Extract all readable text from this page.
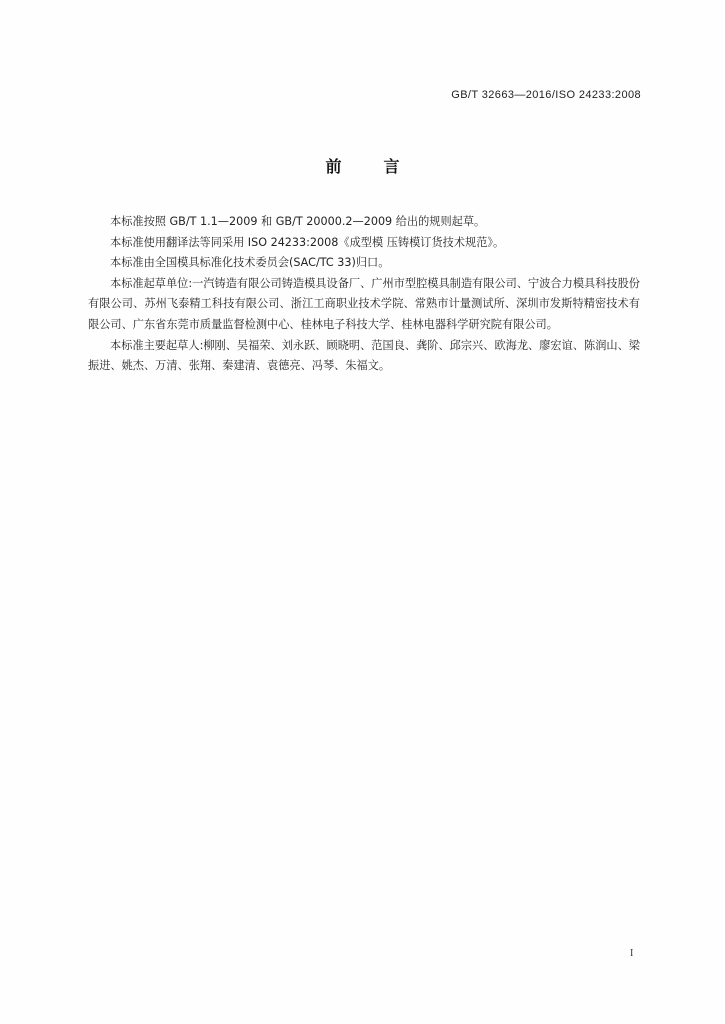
GB/T 32663—2016/ISO 24233:2008
前言

本标准按照 GB/T 1.1—2009 和 GB/T 20000.2—2009 给出的规则起草。

本标准使用翻译法等同采用 ISO 24233:2008《成型模 压铸模订货技术规范》。

本标准由全国模具标准化技术委员会(SAC/TC 33)归口。

本标准起草单位:一汽铸造有限公司铸造模具设备厂、广州市型腔模具制造有限公司、宁波合力模具科技股份有限公司、苏州飞泰精工科技有限公司、浙江工商职业技术学院、常熟市计量测试所、深圳市发斯特精密技术有限公司、广东省东莞市质量监督检测中心、桂林电子科技大学、桂林电器科学研究院有限公司。

本标准主要起草人:柳刚、吴福荣、刘永跃、顾晓明、范国良、龚阶、邱宗兴、欧海龙、廖宏谊、陈润山、梁振进、姚杰、万清、张翔、秦建清、袁德亮、冯琴、朱福文。

I
